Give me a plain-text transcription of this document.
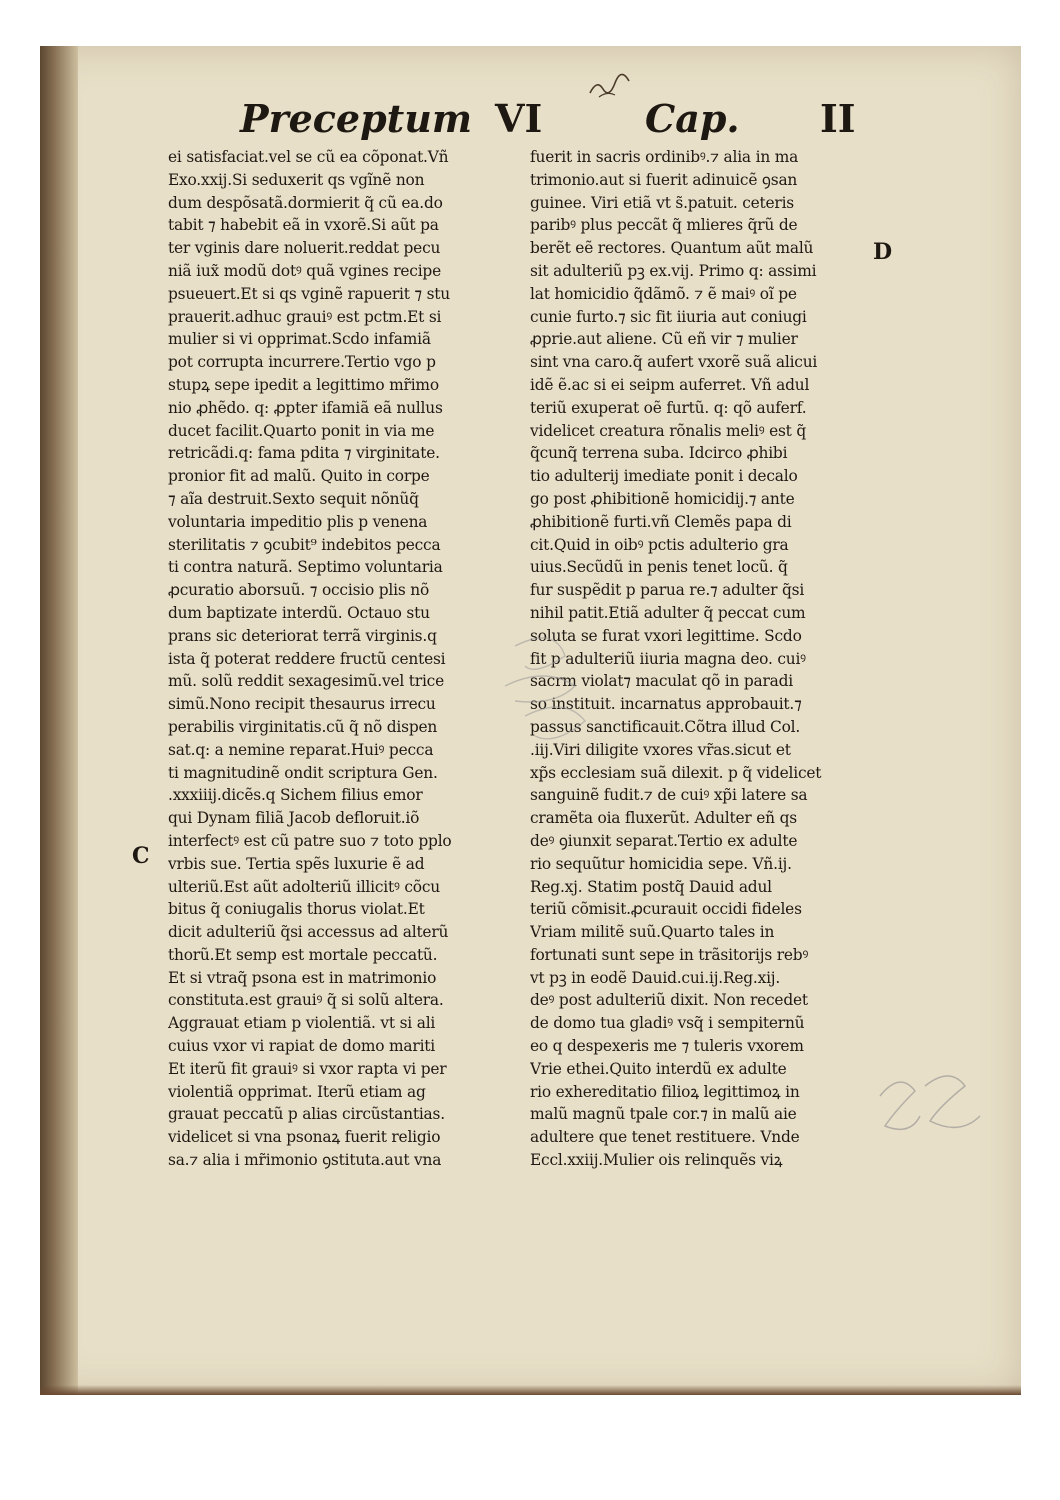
Preceptum VI	Cap. II
ei satisfaciat.vel se cũ ea cõponat.Vñ
Exo.xxij.Si seduxerit qs vgĩnẽ non
dum despõsatã.dormierit q̃ cũ ea.do
tabit ⁊ habebit eã in vxorẽ.Si aũt pa
ter vginis dare noluerit.reddat pecu
niã iux̃ modũ dotꝰ quã vgines recipe
psueuert.Et si qs vginẽ rapuerit ⁊ stu
prauerit.adhuc grauiꝰ est pctm.Et si
mulier si vi opprimat.Scdo infamiã
pot corrupta incurrere.Tertio vgo p
stupꝝ sepe ipedit a legittimo mr̃imo
nio ꝓhẽdo. q: ꝓpter ifamiã eã nullus
ducet facilit.Quarto ponit in via me
retricãdi.q: fama pdita ⁊ virginitate.
pronior fit ad malũ. Quito in corpe
⁊ aĩa destruit.Sexto sequit nõnũq̃
voluntaria impeditio plis p venena
sterilitatis ⁊ ꝯcubit⁹ indebitos pecca
ti contra naturã. Septimo voluntaria
ꝓcuratio aborsuũ. ⁊ occisio plis nõ
dum baptizate interdũ. Octauo stu
prans sic deteriorat terrã virginis.q
ista q̃ poterat reddere fructũ centesi
mũ. solũ reddit sexagesimũ.vel trice
simũ.Nono recipit thesaurus irrecu
perabilis virginitatis.cũ q̃ nõ dispen
sat.q: a nemine reparat.Huiꝰ pecca
ti magnitudinẽ ondit scriptura Gen.
.xxxiiij.dicẽs.q Sichem filius emor
qui Dynam filiã Jacob defloruit.iõ
interfectꝰ est cũ patre suo ⁊ toto pplo
vrbis sue. Tertia spẽs luxurie ẽ ad
ulteriũ.Est aũt adolteriũ illicitꝰ cõcu
bitus q̃ coniugalis thorus violat.Et
dicit adulteriũ q̃si accessus ad alterũ
thorũ.Et semp est mortale peccatũ.
Et si vtraq̃ psona est in matrimonio
constituta.est grauiꝰ q̃ si solũ altera.
Aggrauat etiam p violentiã. vt si ali
cuius vxor vi rapiat de domo mariti
Et iterũ fit grauiꝰ si vxor rapta vi per
violentiã opprimat. Iterũ etiam ag
grauat peccatũ p alias circũstantias.
videlicet si vna psonaꝝ fuerit religio
sa.⁊ alia i mr̃imonio ꝯstituta.aut vna
fuerit in sacris ordinibꝰ.⁊ alia in ma
trimonio.aut si fuerit adinuicẽ ꝯsan
guinee. Viri etiã vt s̃.patuit. ceteris
paribꝰ plus peccãt q̃ mlieres q̃rũ de
berẽt eẽ rectores. Quantum aũt malũ
sit adulteriũ pꝫ ex.vij. Primo q: assimi
lat homicidio q̃dãmõ. ⁊ ẽ maiꝰ oĩ pe
cunie furto.⁊ sic fit iiuria aut coniugi
ꝓprie.aut aliene. Cũ eñ vir ⁊ mulier
sint vna caro.q̃ aufert vxorẽ suã alicui
idẽ ẽ.ac si ei seipm auferret. Vñ adul
teriũ exuperat oẽ furtũ. q: qõ auferf.
videlicet creatura rõnalis meliꝰ est q̃
q̃cunq̃ terrena suba. Idcirco ꝓhibi
tio adulterij imediate ponit i decalo
go post ꝓhibitionẽ homicidij.⁊ ante
ꝓhibitionẽ furti.vñ Clemẽs papa di
cit.Quid in oibꝰ pctis adulterio gra
uius.Secũdũ in penis tenet locũ. q̃
fur suspẽdit p parua re.⁊ adulter q̃si
nihil patit.Etiã adulter q̃ peccat cum
soluta se furat vxori legittime. Scdo
fit p adulteriũ iiuria magna deo. cuiꝰ
sacrm violat⁊ maculat qõ in paradi
so instituit. incarnatus approbauit.⁊
passus sanctificauit.Cõtra illud Col.
.iij.Viri diligite vxores vr̃as.sicut et
xp̃s ecclesiam suã dilexit. p q̃ videlicet
sanguinẽ fudit.⁊ de cuiꝰ xp̃i latere sa
cramẽta oia fluxerũt. Adulter eñ qs
deꝰ ꝯiunxit separat.Tertio ex adulte
rio sequũtur homicidia sepe. Vñ.ij.
Reg.xj. Statim postq̃ Dauid adul
teriũ cõmisit.ꝓcurauit occidi fideles
Vriam militẽ suũ.Quarto tales in
fortunati sunt sepe in trãsitorijs rebꝰ
vt pꝫ in eodẽ Dauid.cui.ij.Reg.xij.
deꝰ post adulteriũ dixit. Non recedet
de domo tua gladiꝰ vsq̃ i sempiternũ
eo q despexeris me ⁊ tuleris vxorem
Vrie ethei.Quito interdũ ex adulte
rio exhereditatio filioꝝ legittimoꝝ in
malũ magnũ tpale cor.⁊ in malũ aie
adultere que tenet restituere. Vnde
Eccl.xxiij.Mulier ois relinquẽs viꝝ
C
D
